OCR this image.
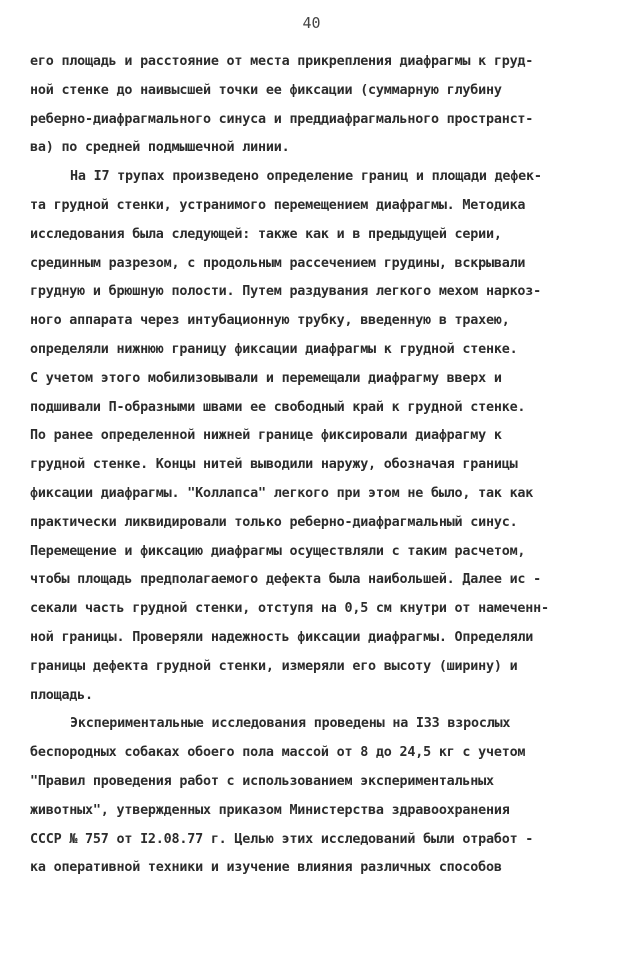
40
его площадь и расстояние от места прикрепления диафрагмы к груд-
ной стенке до наивысшей точки ее фиксации (суммарную глубину
реберно-диафрагмального синуса и преддиафрагмального пространст-
ва) по средней подмышечной линии.
На I7 трупах произведено определение границ и площади дефек-
та грудной стенки, устранимого перемещением диафрагмы. Методика
исследования была следующей: также как и в предыдущей серии,
срединным разрезом, с продольным рассечением грудины, вскрывали
грудную и брюшную полости. Путем раздувания легкого мехом наркоз-
ного аппарата через интубационную трубку, введенную в трахею,
определяли нижнюю границу фиксации диафрагмы к грудной стенке.
С учетом этого мобилизовывали и перемещали диафрагму вверх и
подшивали П-образными швами ее свободный край к грудной стенке.
По ранее определенной нижней границе фиксировали диафрагму к
грудной стенке. Концы нитей выводили наружу, обозначая границы
фиксации диафрагмы. "Коллапса" легкого при этом не было, так как
практически ликвидировали только реберно-диафрагмальный синус.
Перемещение и фиксацию диафрагмы осуществляли с таким расчетом,
чтобы площадь предполагаемого дефекта была наибольшей. Далее ис -
секали часть грудной стенки, отступя на 0,5 см кнутри от намеченн-
ной границы. Проверяли надежность фиксации диафрагмы. Определяли
границы дефекта грудной стенки, измеряли его высоту (ширину) и
площадь.
Экспериментальные исследования проведены на I33 взрослых
беспородных собаках обоего пола массой от 8 до 24,5 кг с учетом
"Правил проведения работ с использованием экспериментальных
животных", утвержденных приказом Министерства здравоохранения
СССР № 757 от I2.08.77 г. Целью этих исследований были отработ -
ка оперативной техники и изучение влияния различных способов
